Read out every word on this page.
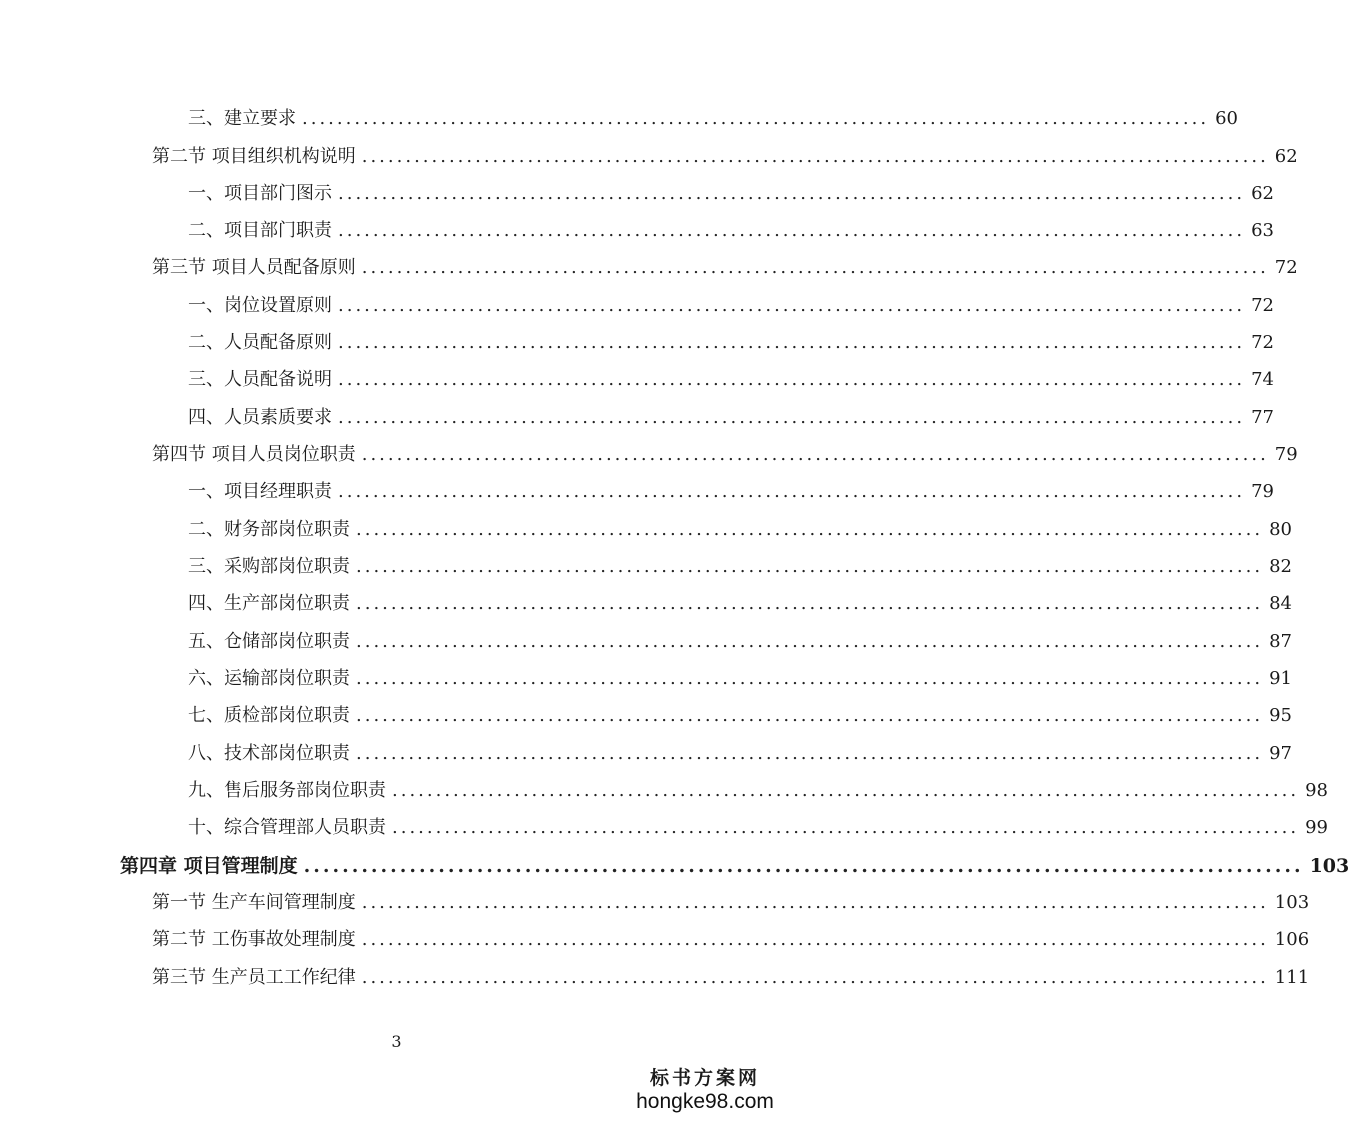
三、建立要求 ........................................................................................................ 60
第二节 项目组织机构说明 ........................................................................................................ 62
一、项目部门图示 ........................................................................................................ 62
二、项目部门职责 ........................................................................................................ 63
第三节 项目人员配备原则 ........................................................................................................ 72
一、岗位设置原则 ........................................................................................................ 72
二、人员配备原则 ........................................................................................................ 72
三、人员配备说明 ........................................................................................................ 74
四、人员素质要求 ........................................................................................................ 77
第四节 项目人员岗位职责 ........................................................................................................ 79
一、项目经理职责 ........................................................................................................ 79
二、财务部岗位职责 ........................................................................................................ 80
三、采购部岗位职责 ........................................................................................................ 82
四、生产部岗位职责 ........................................................................................................ 84
五、仓储部岗位职责 ........................................................................................................ 87
六、运输部岗位职责 ........................................................................................................ 91
七、质检部岗位职责 ........................................................................................................ 95
八、技术部岗位职责 ........................................................................................................ 97
九、售后服务部岗位职责 ........................................................................................................ 98
十、综合管理部人员职责 ........................................................................................................ 99
第四章 项目管理制度 ........................................................................................................ 103
第一节 生产车间管理制度 ........................................................................................................ 103
第二节 工伤事故处理制度 ........................................................................................................ 106
第三节 生产员工工作纪律 ........................................................................................................ 111
3
标书方案网
hongke98.com
